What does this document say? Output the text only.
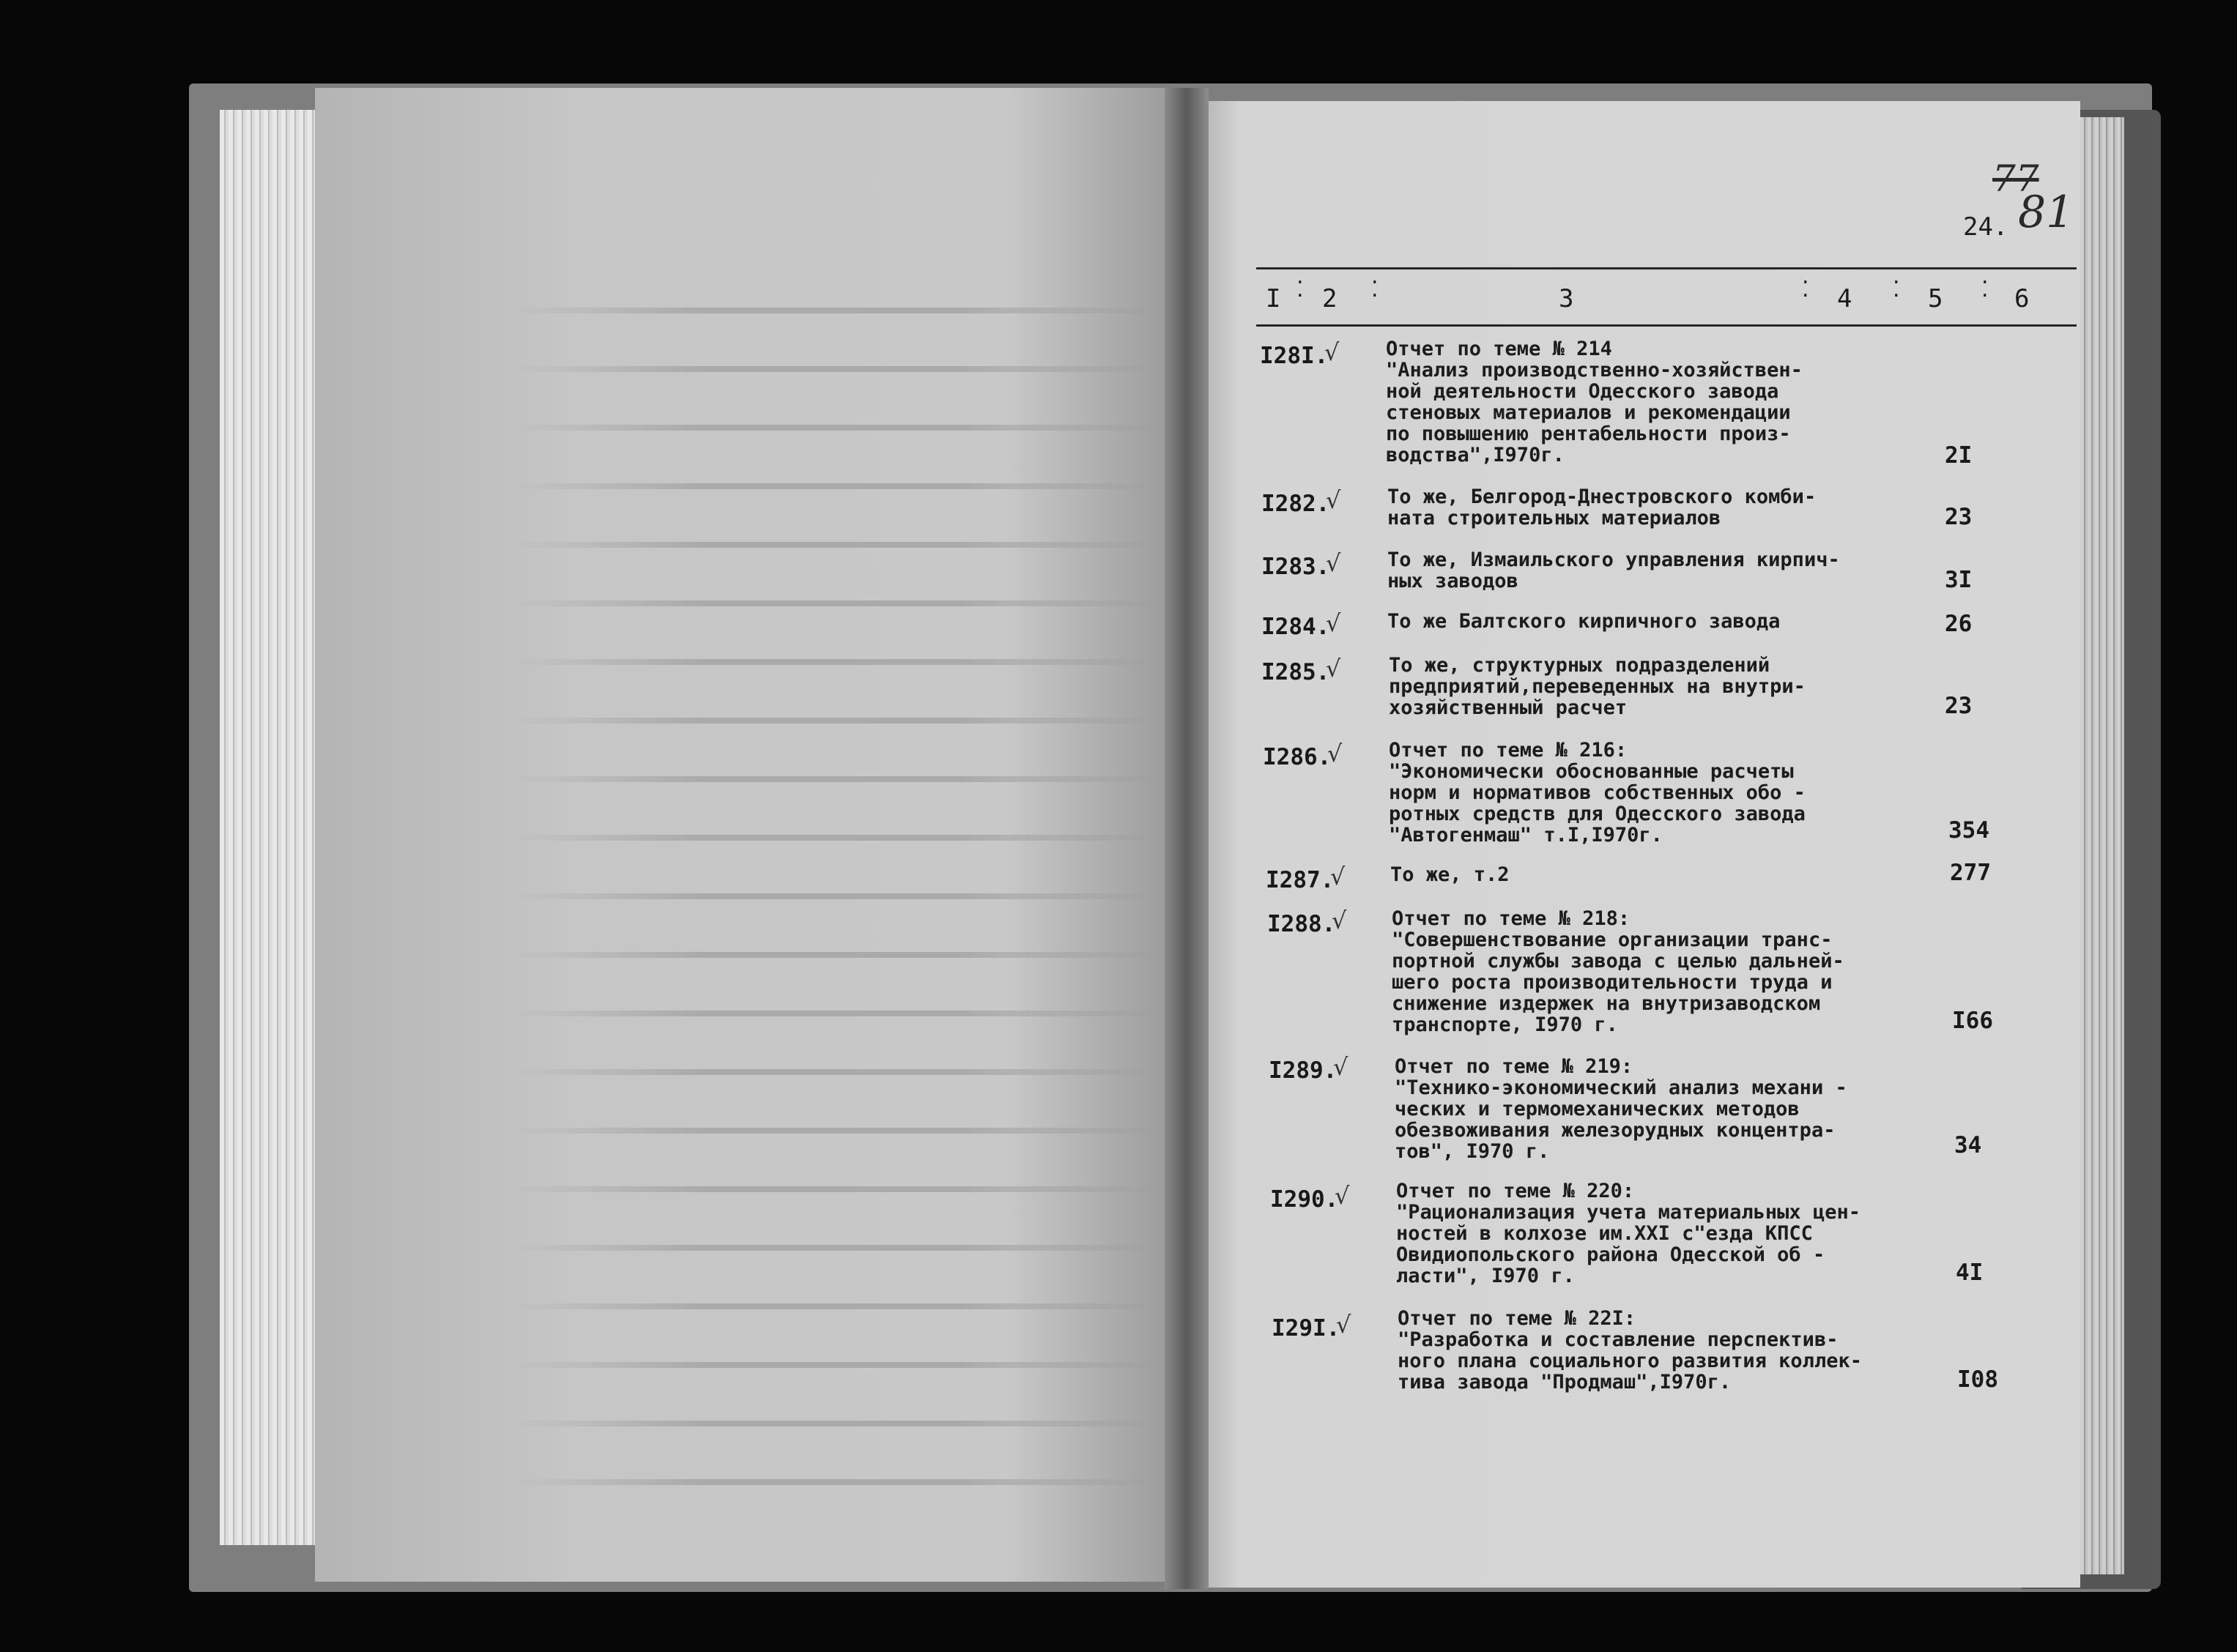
77
81
24.
I ⁚ 2 ⁚	3	⁚ 4 ⁚ 5 ⁚ 6
I28I.
√ Отчет по теме № 214
"Анализ производственно-хозяйствен-
ной деятельности Одесского завода
стеновых материалов и рекомендации
по повышению рентабельности произ-
водства",I970г.	2I
I282.
√ То же, Белгород-Днестровского комби-
ната строительных материалов	23
I283.
√ То же, Измаильского управления кирпич-
ных заводов	3I
I284.
√ То же Балтского кирпичного завода	26
I285.
√ То же, структурных подразделений
предприятий,переведенных на внутри-
хозяйственный расчет	23
I286.
√ Отчет по теме № 216:
"Экономически обоснованные расчеты
норм и нормативов собственных обо -
ротных средств для Одесского завода
"Автогенмаш" т.I,I970г.	354
I287.
√ То же, т.2	277
I288.
√ Отчет по теме № 218:
"Совершенствование организации транс-
портной службы завода с целью дальней-
шего роста производительности труда и
снижение издержек на внутризаводском
транспорте, I970 г.	I66
I289.
√ Отчет по теме № 219:
"Технико-экономический анализ механи -
ческих и термомеханических методов
обезвоживания железорудных концентра-
тов", I970 г.	34
I290.
√ Отчет по теме № 220:
"Рационализация учета материальных цен-
ностей в колхозе им.XXI с"езда КПСС
Овидиопольского района Одесской об -
ласти", I970 г.	4I
I29I.
√ Отчет по теме № 22I:
"Разработка и составление перспектив-
ного плана социального развития коллек-
тива завода "Продмаш",I970г.	I08
